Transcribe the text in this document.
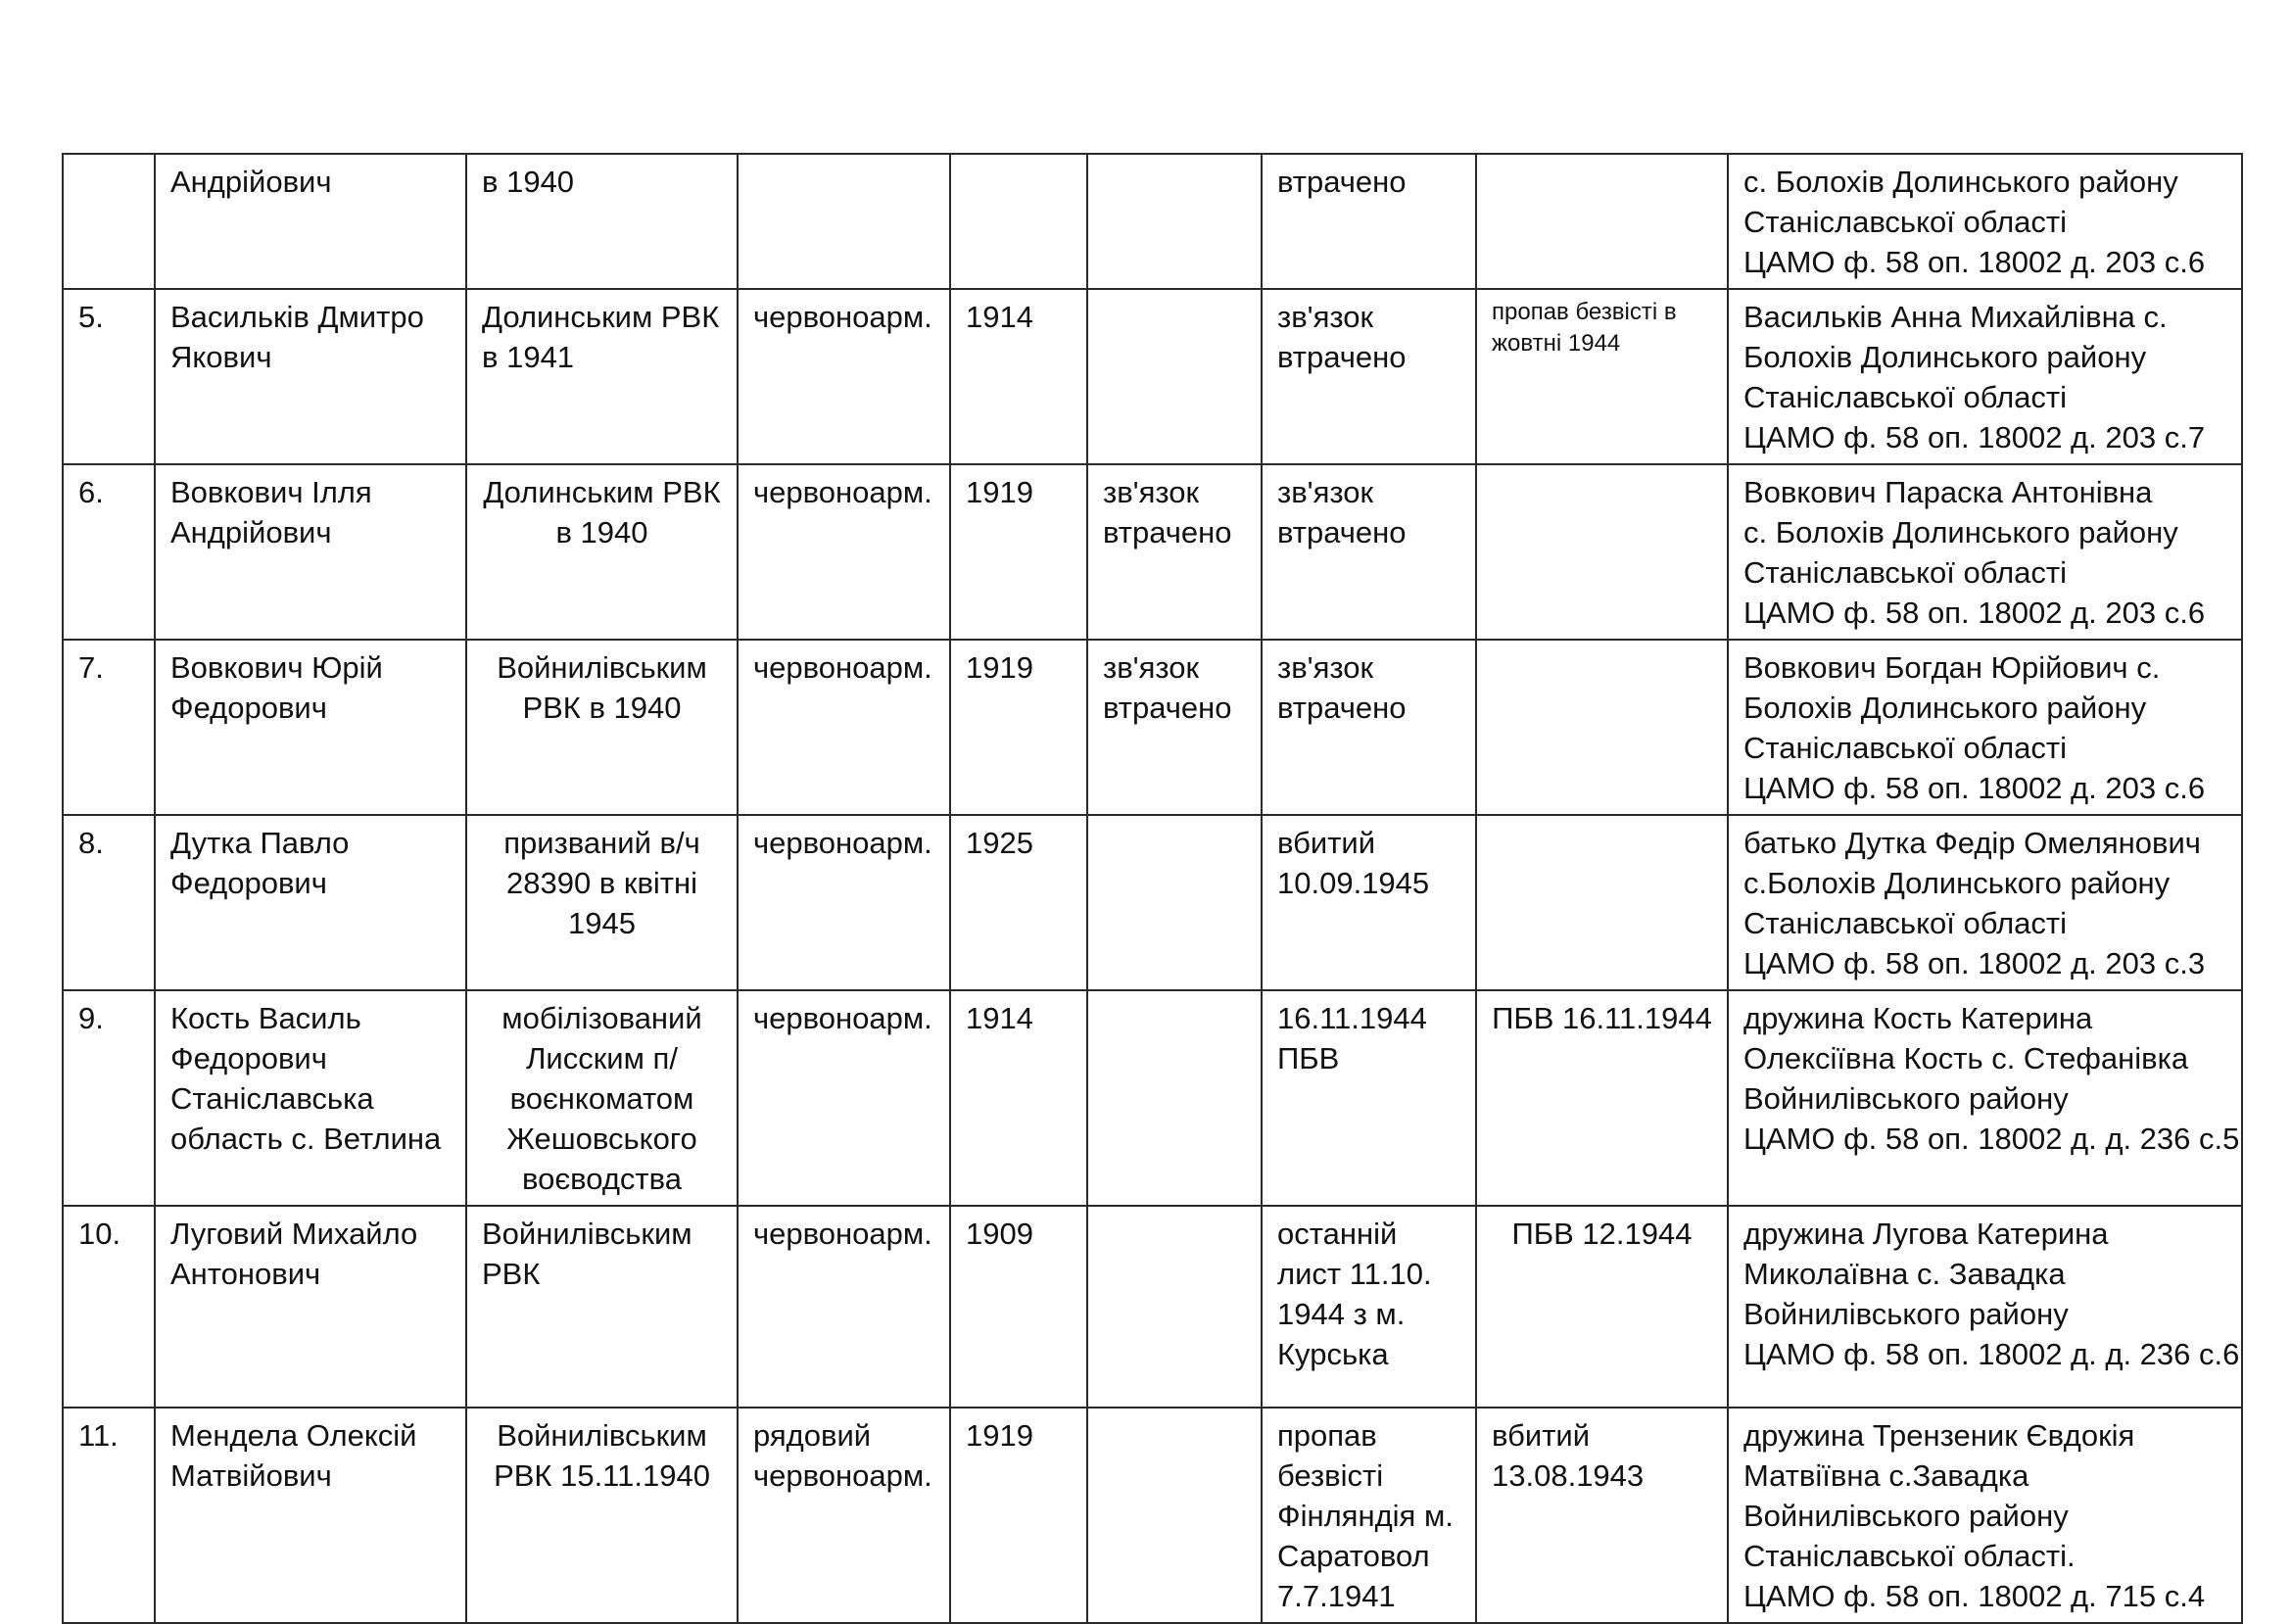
	Андрійович	в 1940				втрачено		с. Болохів Долинського району
Станіславської області
ЦАМО ф. 58 оп. 18002 д. 203 с.6

5.	Васильків Дмитро Якович	Долинським РВК в 1941	червоноарм.	1914		зв'язок втрачено	пропав безвісті в жовтні 1944	Васильків Анна Михайлівна с.
Болохів Долинського району
Станіславської області
ЦАМО ф. 58 оп. 18002 д. 203 с.7

6.	Вовкович Ілля Андрійович	Долинським РВК в 1940	червоноарм.	1919	зв'язок втрачено	зв'язок втрачено		Вовкович Параска Антонівна
с. Болохів Долинського району
Станіславської області
ЦАМО ф. 58 оп. 18002 д. 203 с.6

7.	Вовкович Юрій Федорович	Войнилівським РВК в 1940	червоноарм.	1919	зв'язок втрачено	зв'язок втрачено		Вовкович Богдан Юрійович с.
Болохів Долинського району
Станіславської області
ЦАМО ф. 58 оп. 18002 д. 203 с.6

8.	Дутка Павло Федорович	призваний в/ч 28390 в квітні 1945	червоноарм.	1925		вбитий 10.09.1945		батько Дутка Федір Омелянович
с.Болохів Долинського району
Станіславської області
ЦАМО ф. 58 оп. 18002 д. 203 с.3

9.	Кость Василь Федорович Станіславська область с. Ветлина	мобілізований Лисским п/воєнкоматом Жешовського воєводства	червоноарм.	1914		16.11.1944 ПБВ	ПБВ 16.11.1944	дружина Кость Катерина
Олексіївна Кость с. Стефанівка
Войнилівського району
ЦАМО ф. 58 оп. 18002 д. д. 236 с.5

10.	Луговий Михайло Антонович	Войнилівським РВК	червоноарм.	1909		останній лист 11.10. 1944 з м. Курська	ПБВ 12.1944	дружина Лугова Катерина
Миколаївна с. Завадка
Войнилівського району
ЦАМО ф. 58 оп. 18002 д. д. 236 с.6

11.	Мендела Олексій Матвійович	Войнилівським РВК 15.11.1940	рядовий червоноарм.	1919		пропав безвісті Фінляндія м. Саратовол 7.7.1941	вбитий 13.08.1943	дружина Трензеник Євдокія
Матвіївна с.Завадка
Войнилівського району
Станіславської області.
ЦАМО ф. 58 оп. 18002 д. 715 с.4
